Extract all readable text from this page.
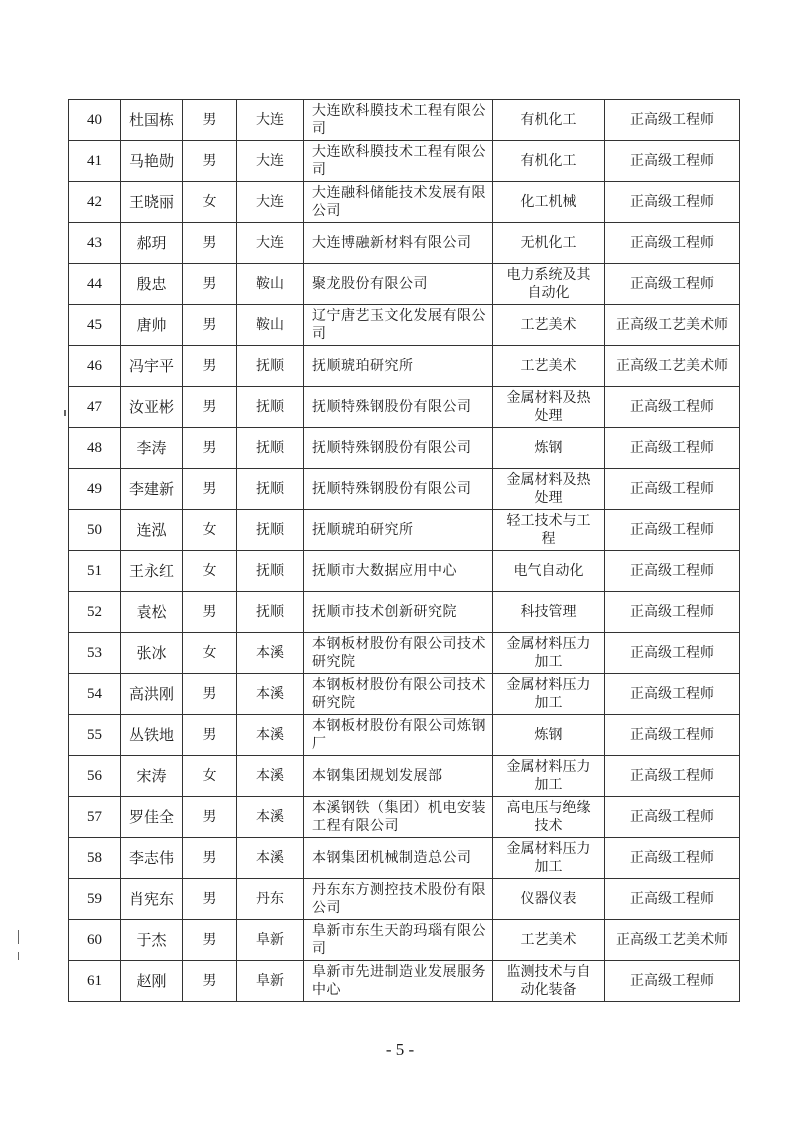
40	杜国栋	男	大连	大连欧科膜技术工程有限公司	有机化工	正高级工程师
41	马艳勋	男	大连	大连欧科膜技术工程有限公司	有机化工	正高级工程师
42	王晓丽	女	大连	大连融科储能技术发展有限公司	化工机械	正高级工程师
43	郝玥	男	大连	大连博融新材料有限公司	无机化工	正高级工程师
44	殷忠	男	鞍山	聚龙股份有限公司	电力系统及其自动化	正高级工程师
45	唐帅	男	鞍山	辽宁唐艺玉文化发展有限公司	工艺美术	正高级工艺美术师
46	冯宇平	男	抚顺	抚顺琥珀研究所	工艺美术	正高级工艺美术师
47	汝亚彬	男	抚顺	抚顺特殊钢股份有限公司	金属材料及热处理	正高级工程师
48	李涛	男	抚顺	抚顺特殊钢股份有限公司	炼钢	正高级工程师
49	李建新	男	抚顺	抚顺特殊钢股份有限公司	金属材料及热处理	正高级工程师
50	连泓	女	抚顺	抚顺琥珀研究所	轻工技术与工程	正高级工程师
51	王永红	女	抚顺	抚顺市大数据应用中心	电气自动化	正高级工程师
52	袁松	男	抚顺	抚顺市技术创新研究院	科技管理	正高级工程师
53	张冰	女	本溪	本钢板材股份有限公司技术研究院	金属材料压力加工	正高级工程师
54	高洪刚	男	本溪	本钢板材股份有限公司技术研究院	金属材料压力加工	正高级工程师
55	丛铁地	男	本溪	本钢板材股份有限公司炼钢厂	炼钢	正高级工程师
56	宋涛	女	本溪	本钢集团规划发展部	金属材料压力加工	正高级工程师
57	罗佳全	男	本溪	本溪钢铁（集团）机电安装工程有限公司	高电压与绝缘技术	正高级工程师
58	李志伟	男	本溪	本钢集团机械制造总公司	金属材料压力加工	正高级工程师
59	肖宪东	男	丹东	丹东东方测控技术股份有限公司	仪器仪表	正高级工程师
60	于杰	男	阜新	阜新市东生天韵玛瑙有限公司	工艺美术	正高级工艺美术师
61	赵刚	男	阜新	阜新市先进制造业发展服务中心	监测技术与自动化装备	正高级工程师
- 5 -
